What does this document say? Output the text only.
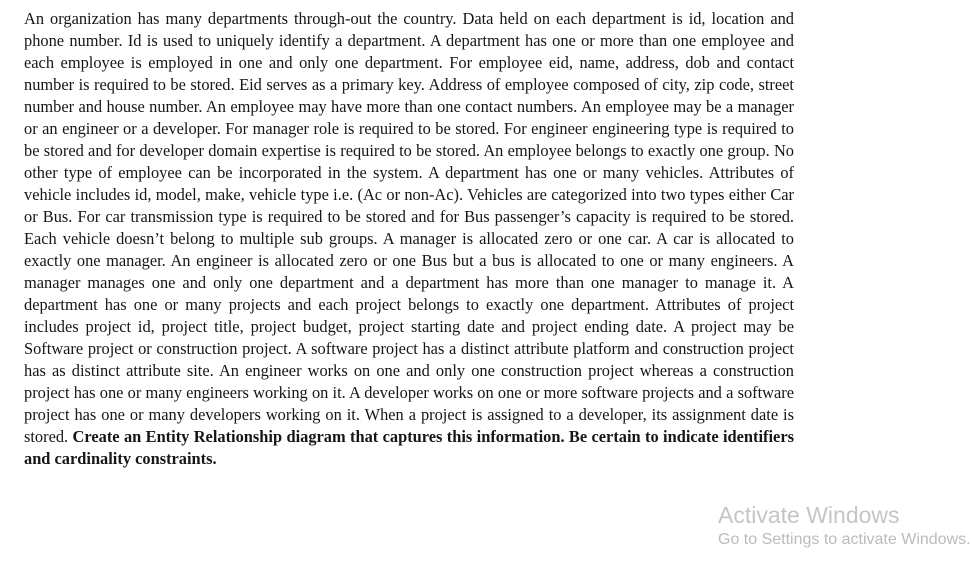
An organization has many departments through-out the country. Data held on each department is id, location and phone number. Id is used to uniquely identify a department. A department has one or more than one employee and each employee is employed in one and only one department. For employee eid, name, address, dob and contact number is required to be stored. Eid serves as a primary key. Address of employee composed of city, zip code, street number and house number. An employee may have more than one contact numbers. An employee may be a manager or an engineer or a developer. For manager role is required to be stored. For engineer engineering type is required to be stored and for developer domain expertise is required to be stored. An employee belongs to exactly one group. No other type of employee can be incorporated in the system. A department has one or many vehicles. Attributes of vehicle includes id, model, make, vehicle type i.e. (Ac or non-Ac). Vehicles are categorized into two types either Car or Bus. For car transmission type is required to be stored and for Bus passenger’s capacity is required to be stored. Each vehicle doesn’t belong to multiple sub groups. A manager is allocated zero or one car. A car is allocated to exactly one manager. An engineer is allocated zero or one Bus but a bus is allocated to one or many engineers. A manager manages one and only one department and a department has more than one manager to manage it. A department has one or many projects and each project belongs to exactly one department. Attributes of project includes project id, project title, project budget, project starting date and project ending date. A project may be Software project or construction project. A software project has a distinct attribute platform and construction project has as distinct attribute site. An engineer works on one and only one construction project whereas a construction project has one or many engineers working on it. A developer works on one or more software projects and a software project has one or many developers working on it. When a project is assigned to a developer, its assignment date is stored. Create an Entity Relationship diagram that captures this information. Be certain to indicate identifiers and cardinality constraints.

Activate Windows
Go to Settings to activate Windows.
